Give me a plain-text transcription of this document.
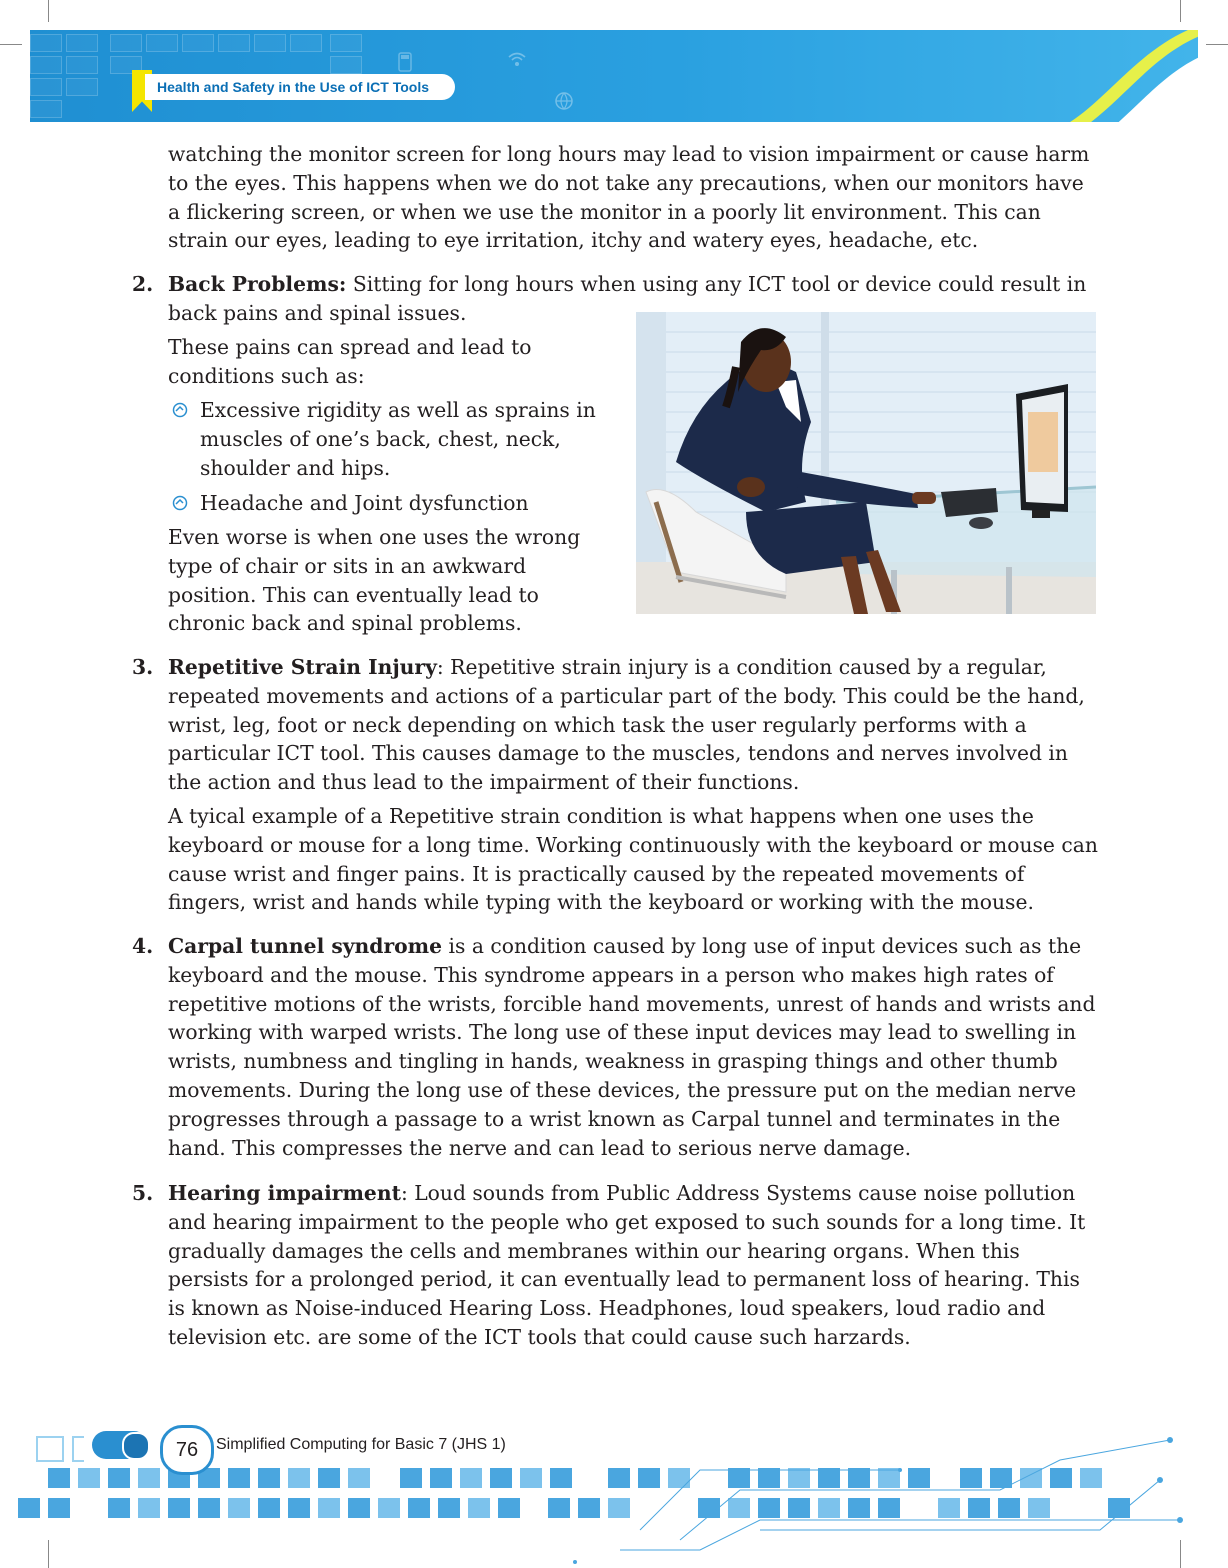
Health and Safety in the Use of ICT Tools

watching the monitor screen for long hours may lead to vision impairment or cause harm to the eyes. This happens when we do not take any precautions, when our monitors have a flickering screen, or when we use the monitor in a poorly lit environment. This can strain our eyes, leading to eye irritation, itchy and watery eyes, headache, etc.

2. Back Problems: Sitting for long hours when using any ICT tool or device could result in

back pains and spinal issues.

These pains can spread and lead to conditions such as:

Excessive rigidity as well as sprains in muscles of one’s back, chest, neck, shoulder and hips.
Headache and Joint dysfunction

Even worse is when one uses the wrong type of chair or sits in an awkward position. This can eventually lead to chronic back and spinal problems.

3. Repetitive Strain Injury: Repetitive strain injury is a condition caused by a regular, repeated movements and actions of a particular part of the body. This could be the hand, wrist, leg, foot or neck depending on which task the user regularly performs with a particular ICT tool. This causes damage to the muscles, tendons and nerves involved in the action and thus lead to the impairment of their functions.

A tyical example of a Repetitive strain condition is what happens when one uses the keyboard or mouse for a long time. Working continuously with the keyboard or mouse can cause wrist and finger pains. It is practically caused by the repeated movements of fingers, wrist and hands while typing with the keyboard or working with the mouse.

4. Carpal tunnel syndrome is a condition caused by long use of input devices such as the keyboard and the mouse. This syndrome appears in a person who makes high rates of repetitive motions of the wrists, forcible hand movements, unrest of hands and wrists and working with warped wrists. The long use of these input devices may lead to swelling in wrists, numbness and tingling in hands, weakness in grasping things and other thumb movements. During the long use of these devices, the pressure put on the median nerve progresses through a passage to a wrist known as Carpal tunnel and terminates in the hand. This compresses the nerve and can lead to serious nerve damage.

5. Hearing impairment: Loud sounds from Public Address Systems cause noise pollution and hearing impairment to the people who get exposed to such sounds for a long time. It gradually damages the cells and membranes within our hearing organs. When this persists for a prolonged period, it can eventually lead to permanent loss of hearing. This is known as Noise-induced Hearing Loss. Headphones, loud speakers, loud radio and television etc. are some of the ICT tools that could cause such harzards.

76	Simplified Computing for Basic 7 (JHS 1)
